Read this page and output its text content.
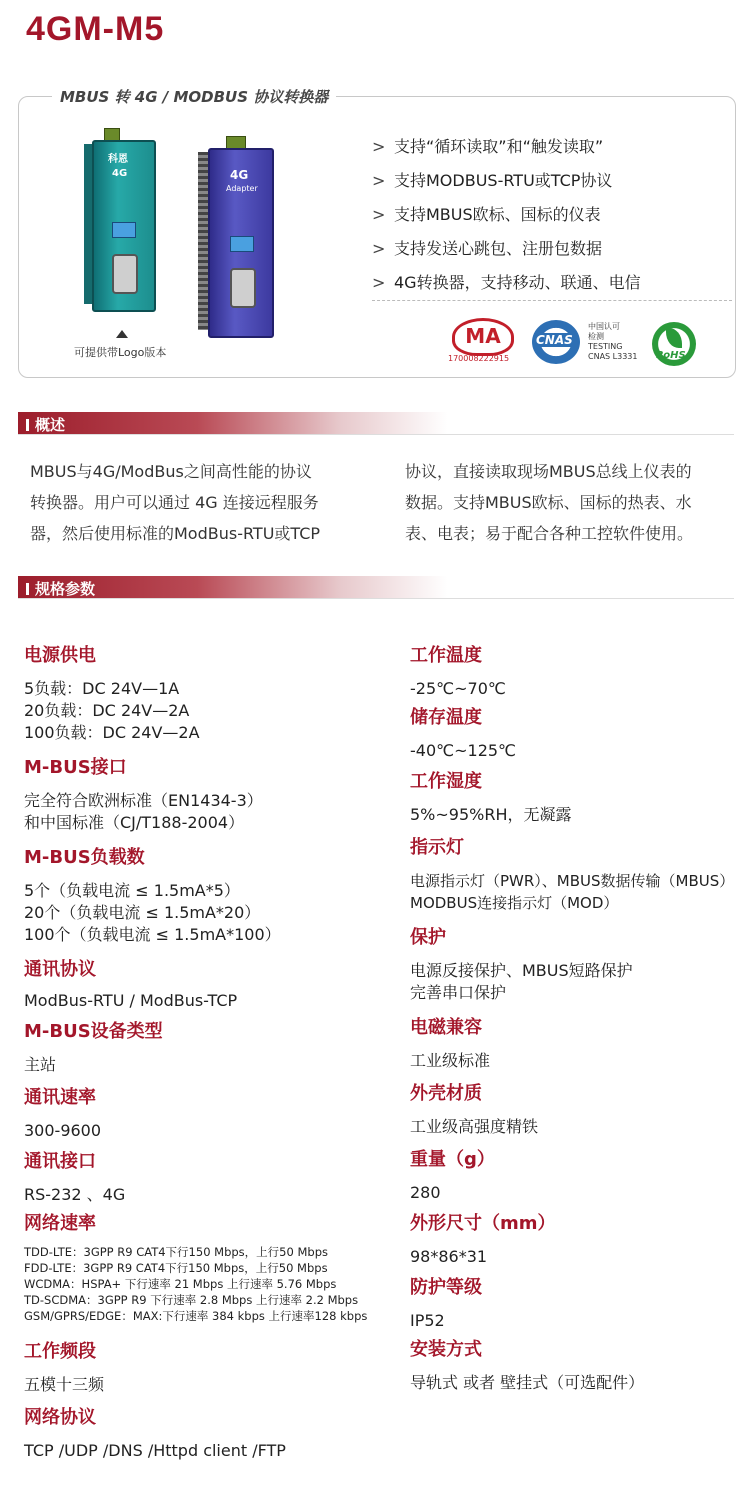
4GM-M5
MBUS 转 4G / MODBUS 协议转换器
科恩
4G	4G
Adapter
可提供带Logo版本
> 支持“循环读取”和“触发读取”
> 支持MODBUS-RTU或TCP协议
> 支持MBUS欧标、国标的仪表
> 支持发送心跳包、注册包数据
> 4G转换器，支持移动、联通、电信
MA
170008222915
CNAS
中国认可
检测
TESTING
CNAS L3331 RoHS
概述
MBUS与4G/ModBus之间高性能的协议
转换器。用户可以通过 4G 连接远程服务
器，然后使用标准的ModBus-RTU或TCP
协议，直接读取现场MBUS总线上仪表的
数据。支持MBUS欧标、国标的热表、水
表、电表；易于配合各种工控软件使用。
规格参数
电源供电
5负载：DC 24V—1A
20负载：DC 24V—2A
100负载：DC 24V—2A
M-BUS接口
完全符合欧洲标准（EN1434-3）
和中国标准（CJ/T188-2004）
M-BUS负载数
5个（负载电流 ≤ 1.5mA*5）
20个（负载电流 ≤ 1.5mA*20）
100个（负载电流 ≤ 1.5mA*100）
通讯协议
ModBus-RTU / ModBus-TCP
M-BUS设备类型
主站
通讯速率
300-9600
通讯接口
RS-232 、4G
网络速率
TDD-LTE：3GPP R9 CAT4下行150 Mbps，上行50 Mbps
FDD-LTE：3GPP R9 CAT4下行150 Mbps，上行50 Mbps
WCDMA：HSPA+ 下行速率 21 Mbps 上行速率 5.76 Mbps
TD-SCDMA：3GPP R9 下行速率 2.8 Mbps 上行速率 2.2 Mbps
GSM/GPRS/EDGE：MAX:下行速率 384 kbps 上行速率128 kbps
工作频段
五模十三频
网络协议
TCP /UDP /DNS /Httpd client /FTP
工作温度
-25℃~70℃
储存温度
-40℃~125℃
工作湿度
5%~95%RH，无凝露
指示灯
电源指示灯（PWR）、MBUS数据传输（MBUS）
MODBUS连接指示灯（MOD）
保护
电源反接保护、MBUS短路保护
完善串口保护
电磁兼容
工业级标准
外壳材质
工业级高强度精铁
重量（g）
280
外形尺寸（mm）
98*86*31
防护等级
IP52
安装方式
导轨式 或者 壁挂式（可选配件）
